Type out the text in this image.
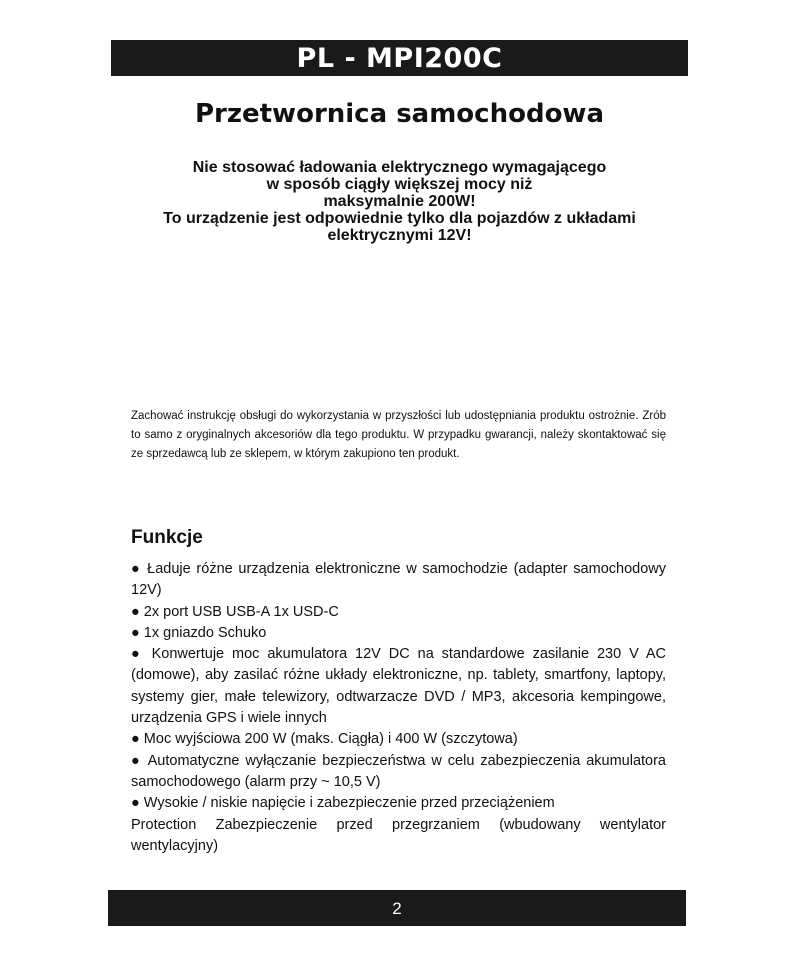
PL - MPI200C
Przetwornica samochodowa
Nie stosować ładowania elektrycznego wymagającego
w sposób ciągły większej mocy niż
maksymalnie 200W!
To urządzenie jest odpowiednie tylko dla pojazdów z układami
elektrycznymi 12V!

Zachować instrukcję obsługi do wykorzystania w przyszłości lub udostępniania produktu ostrożnie. Zrób to samo z oryginalnych akcesoriów dla tego produktu. W przypadku gwarancji, należy skontaktować się ze sprzedawcą lub ze sklepem, w którym zakupiono ten produkt.

Funkcje
● Ładuje różne urządzenia elektroniczne w samochodzie (adapter samochodowy 12V)
● 2x port USB USB-A 1x USD-C
● 1x gniazdo Schuko
● Konwertuje moc akumulatora 12V DC na standardowe zasilanie 230 V AC (domowe), aby zasilać różne układy elektroniczne, np. tablety, smartfony, laptopy, systemy gier, małe telewizory, odtwarzacze DVD / MP3, akcesoria kempingowe, urządzenia GPS i wiele innych
● Moc wyjściowa 200 W (maks. Ciągła) i 400 W (szczytowa)
● Automatyczne wyłączanie bezpieczeństwa w celu zabezpieczenia akumulatora samochodowego (alarm przy ~ 10,5 V)
● Wysokie / niskie napięcie i zabezpieczenie przed przeciążeniem
Protection Zabezpieczenie przed przegrzaniem (wbudowany wentylator wentylacyjny)
2
